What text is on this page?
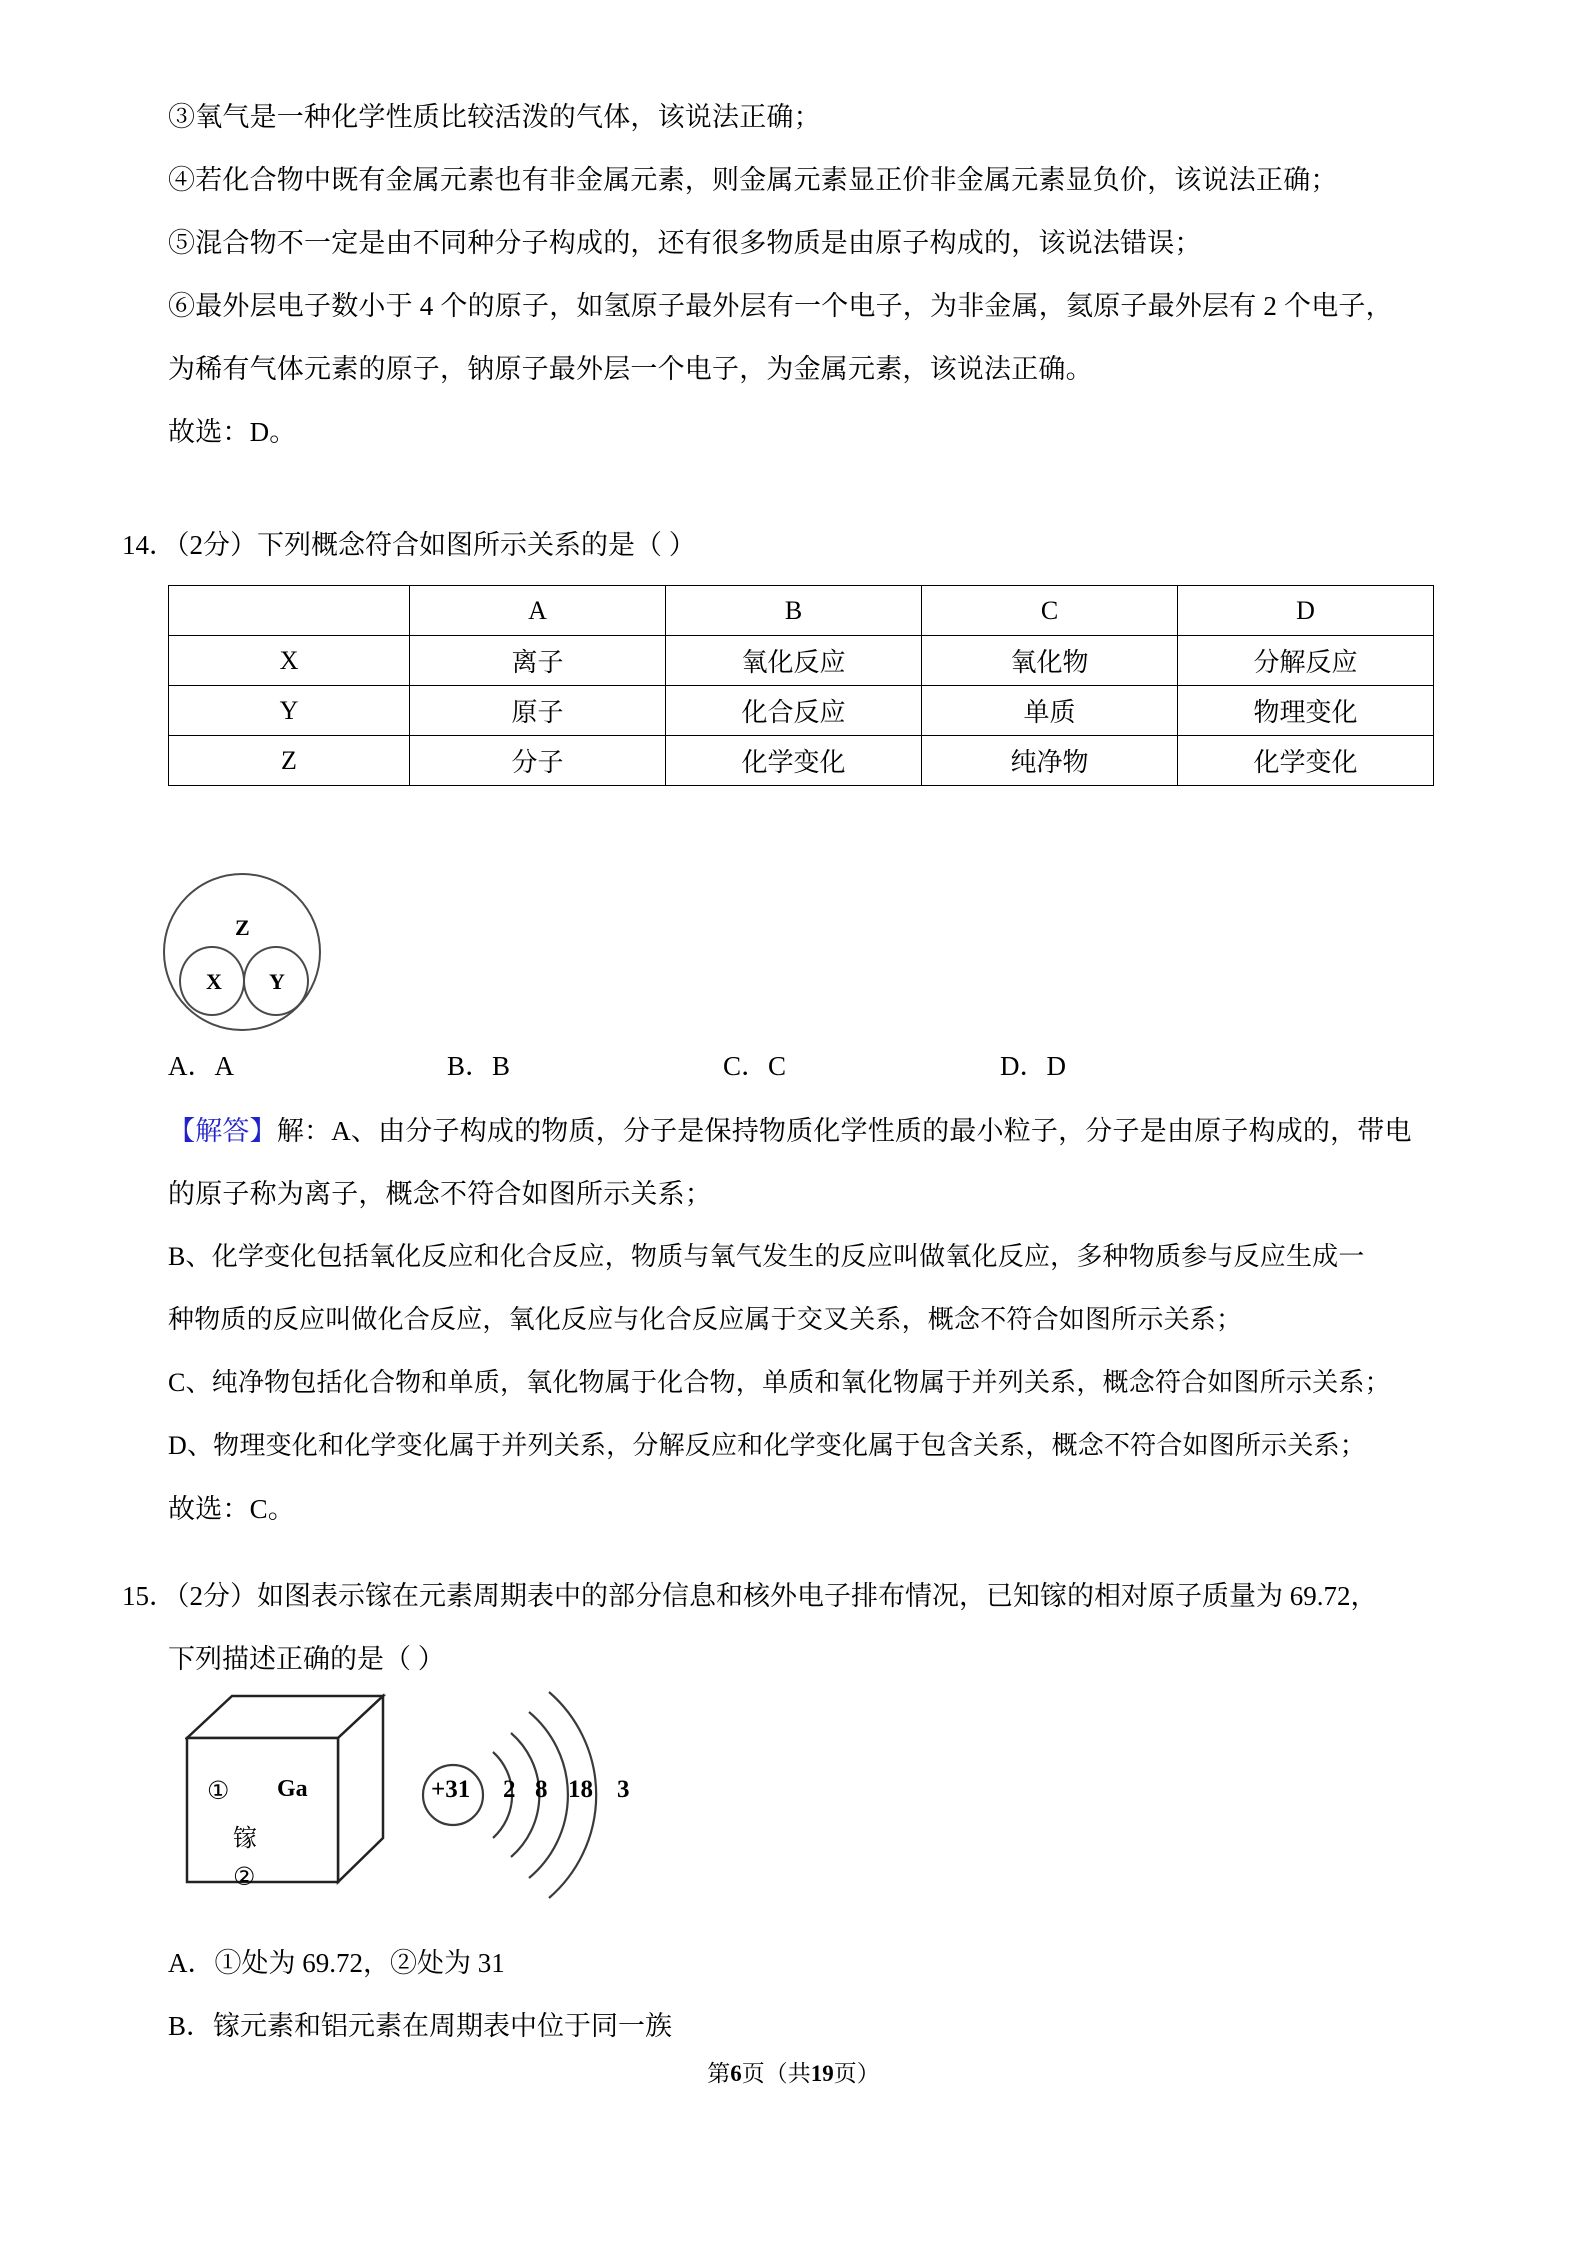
③氧气是一种化学性质比较活泼的气体，该说法正确；
④若化合物中既有金属元素也有非金属元素，则金属元素显正价非金属元素显负价，该说法正确；
⑤混合物不一定是由不同种分子构成的，还有很多物质是由原子构成的，该说法错误；
⑥最外层电子数小于 4 个的原子，如氢原子最外层有一个电子，为非金属，氦原子最外层有 2 个电子，
为稀有气体元素的原子，钠原子最外层一个电子，为金属元素，该说法正确。
故选：D。
14．（2分）下列概念符合如图所示关系的是（ ）
	A	B	C	D
X	离子	氧化反应	氧化物	分解反应
Y	原子	化合反应	单质	物理变化
Z	分子	化学变化	纯净物	化学变化
Z
X Y
A．A	B．B	C．C	D．D
【解答】解：A、由分子构成的物质，分子是保持物质化学性质的最小粒子，分子是由原子构成的，带电
的原子称为离子，概念不符合如图所示关系；
B、化学变化包括氧化反应和化合反应，物质与氧气发生的反应叫做氧化反应，多种物质参与反应生成一
种物质的反应叫做化合反应，氧化反应与化合反应属于交叉关系，概念不符合如图所示关系；
C、纯净物包括化合物和单质，氧化物属于化合物，单质和氧化物属于并列关系，概念符合如图所示关系；
D、物理变化和化学变化属于并列关系，分解反应和化学变化属于包含关系，概念不符合如图所示关系；
故选：C。
15．（2分）如图表示镓在元素周期表中的部分信息和核外电子排布情况，已知镓的相对原子质量为 69.72，
下列描述正确的是（ ）
① Ga
镓
②
+31 2 8 18 3
A．①处为 69.72，②处为 31
B．镓元素和铝元素在周期表中位于同一族
第6页（共19页）
